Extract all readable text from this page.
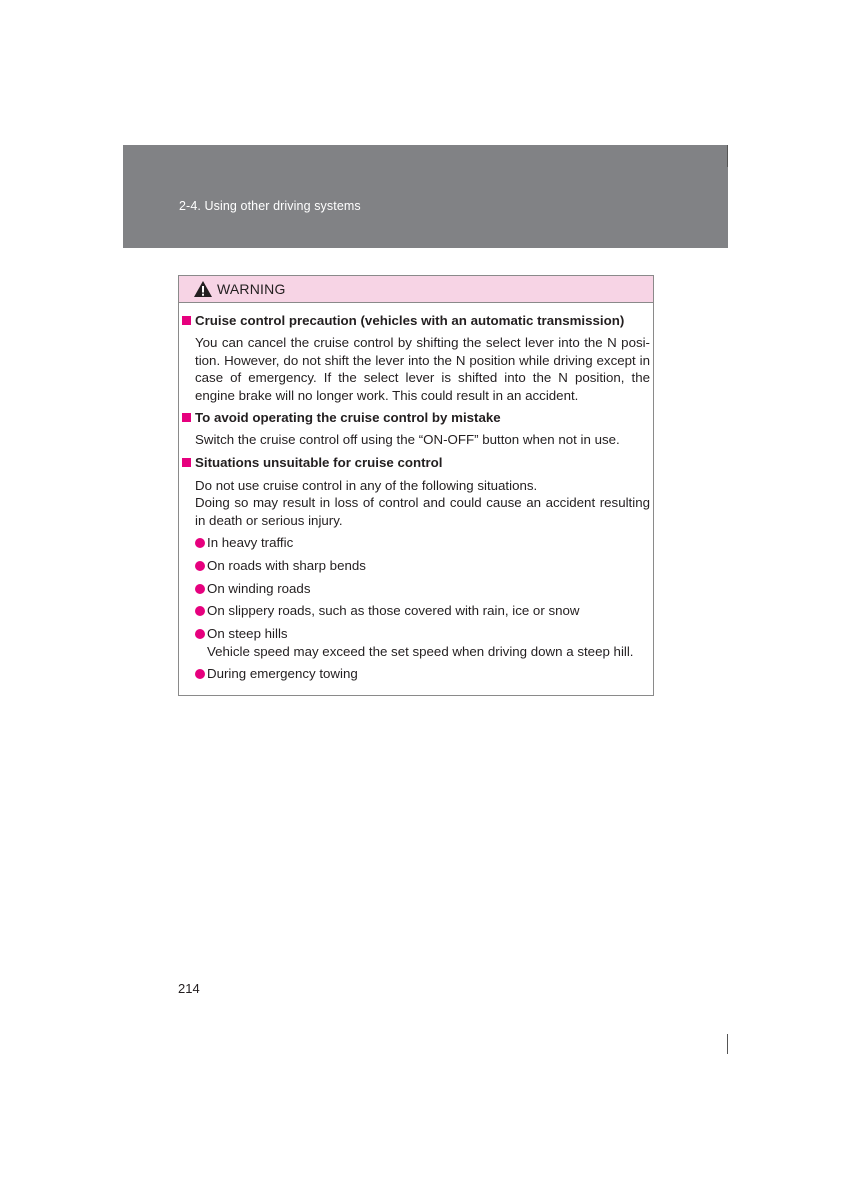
2-4. Using other driving systems
WARNING
Cruise control precaution (vehicles with an automatic transmission)
You can cancel the cruise control by shifting the select lever into the N posi-tion. However, do not shift the lever into the N position while driving except in case of emergency. If the select lever is shifted into the N position, the engine brake will no longer work. This could result in an accident.
To avoid operating the cruise control by mistake
Switch the cruise control off using the “ON-OFF” button when not in use.
Situations unsuitable for cruise control
Do not use cruise control in any of the following situations.
Doing so may result in loss of control and could cause an accident resulting in death or serious injury.
In heavy traffic
On roads with sharp bends
On winding roads
On slippery roads, such as those covered with rain, ice or snow
On steep hills
Vehicle speed may exceed the set speed when driving down a steep hill.
During emergency towing
214
